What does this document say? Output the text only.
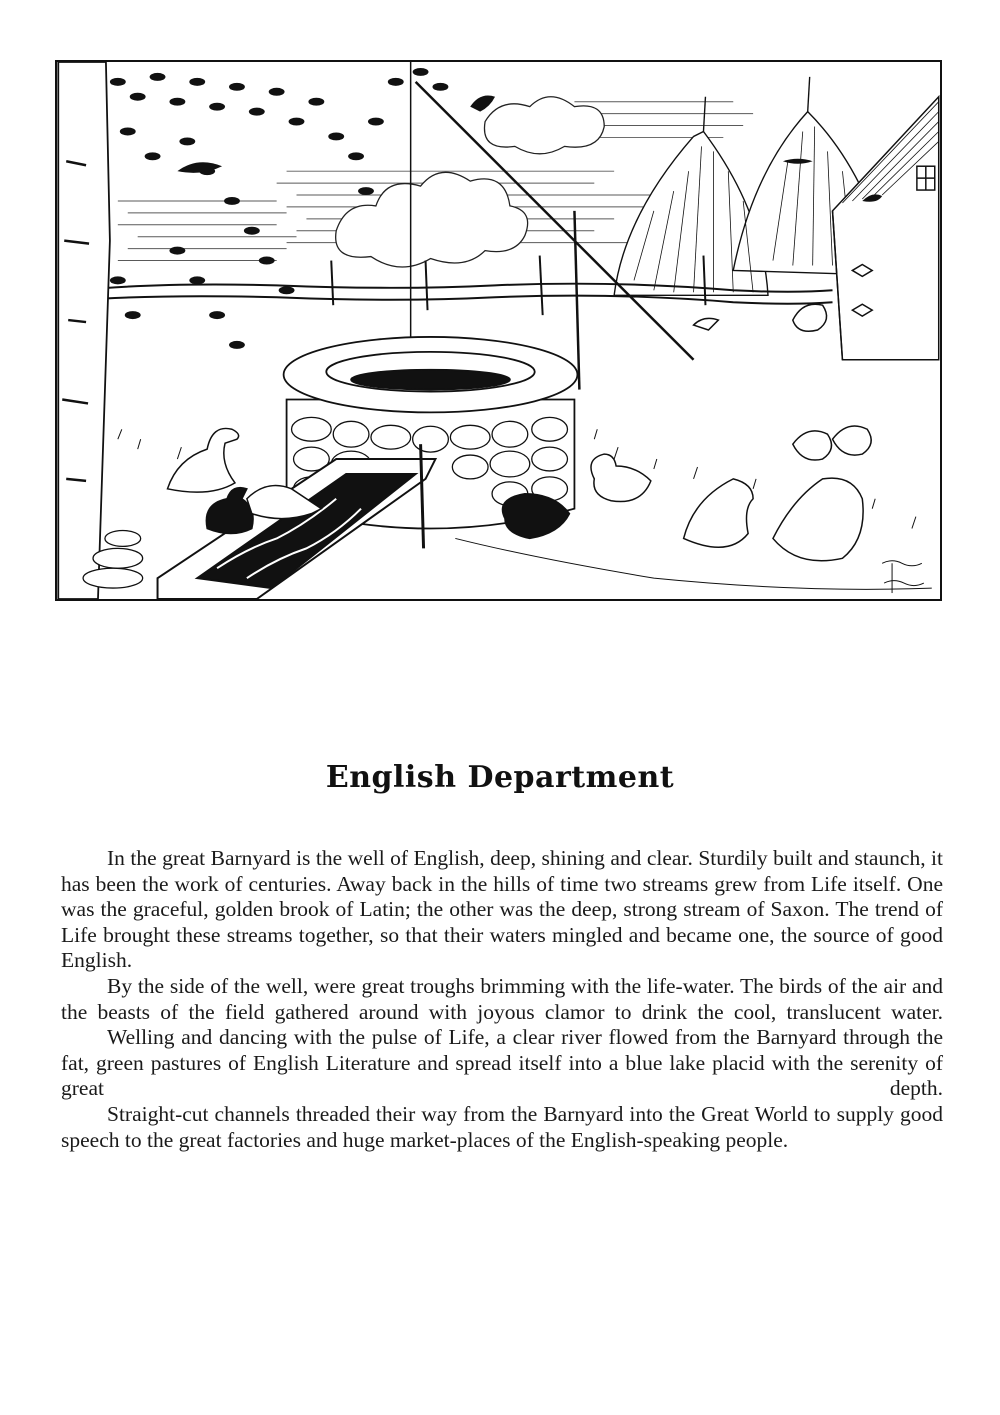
English Department

In the great Barnyard is the well of English, deep, shining and clear. Sturdily built and staunch, it has been the work of centuries. Away back in the hills of time two streams grew from Life itself. One was the graceful, golden brook of Latin; the other was the deep, strong stream of Saxon. The trend of Life brought these streams together, so that their waters mingled and became one, the source of good English.

By the side of the well, were great troughs brimming with the life-water. The birds of the air and the beasts of the field gathered around with joyous clamor to drink the cool, translucent water.

Welling and dancing with the pulse of Life, a clear river flowed from the Barnyard through the fat, green pastures of English Literature and spread itself into a blue lake placid with the serenity of great depth.

Straight-cut channels threaded their way from the Barnyard into the Great World to supply good speech to the great factories and huge market-places of the English-speaking people.
